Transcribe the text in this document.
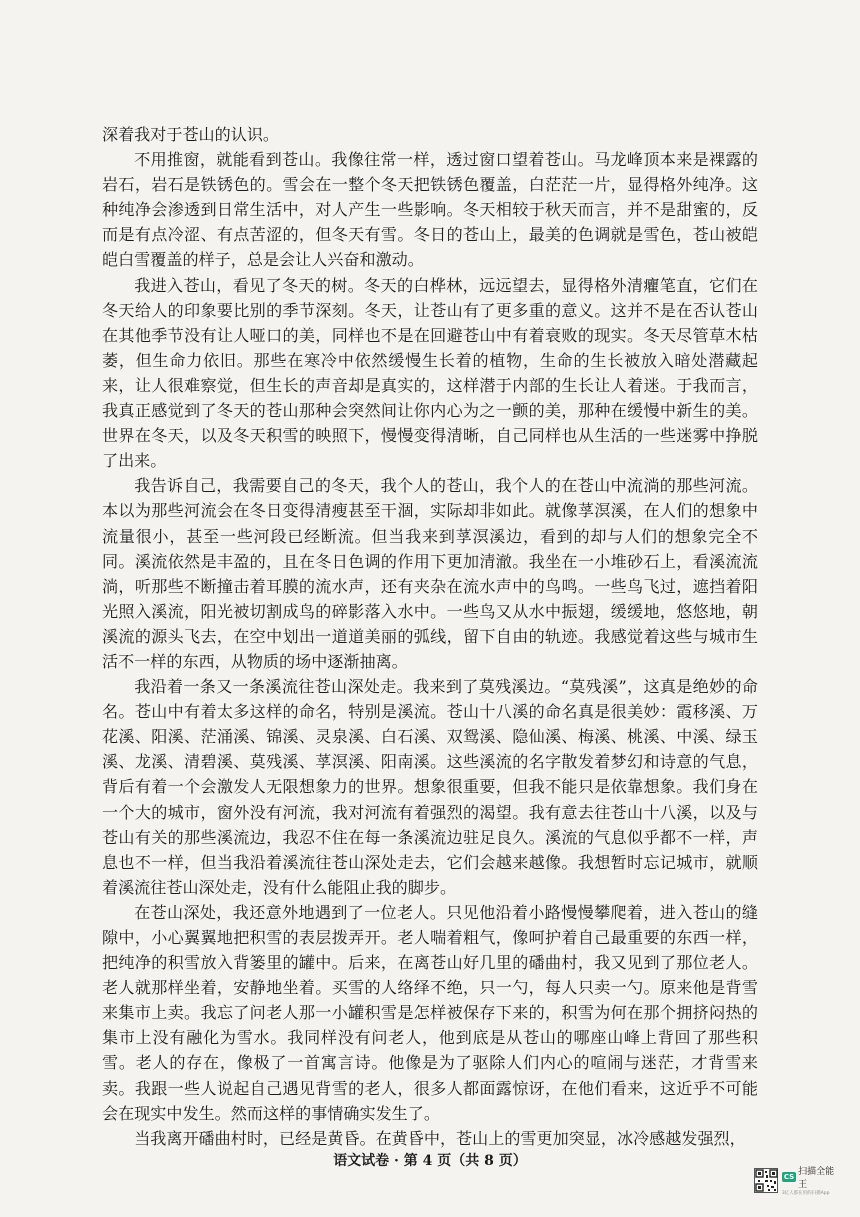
深着我对于苍山的认识。

不用推窗，就能看到苍山。我像往常一样，透过窗口望着苍山。马龙峰顶本来是裸露的岩石，岩石是铁锈色的。雪会在一整个冬天把铁锈色覆盖，白茫茫一片，显得格外纯净。这种纯净会渗透到日常生活中，对人产生一些影响。冬天相较于秋天而言，并不是甜蜜的，反而是有点冷涩、有点苦涩的，但冬天有雪。冬日的苍山上，最美的色调就是雪色，苍山被皑皑白雪覆盖的样子，总是会让人兴奋和激动。

我进入苍山，看见了冬天的树。冬天的白桦林，远远望去，显得格外清癯笔直，它们在冬天给人的印象要比别的季节深刻。冬天，让苍山有了更多重的意义。这并不是在否认苍山在其他季节没有让人哑口的美，同样也不是在回避苍山中有着衰败的现实。冬天尽管草木枯萎，但生命力依旧。那些在寒冷中依然缓慢生长着的植物，生命的生长被放入暗处潜藏起来，让人很难察觉，但生长的声音却是真实的，这样潜于内部的生长让人着迷。于我而言，我真正感觉到了冬天的苍山那种会突然间让你内心为之一颤的美，那种在缓慢中新生的美。世界在冬天，以及冬天积雪的映照下，慢慢变得清晰，自己同样也从生活的一些迷雾中挣脱了出来。

我告诉自己，我需要自己的冬天，我个人的苍山，我个人的在苍山中流淌的那些河流。本以为那些河流会在冬日变得清瘦甚至干涸，实际却非如此。就像莩溟溪，在人们的想象中流量很小，甚至一些河段已经断流。但当我来到莩溟溪边，看到的却与人们的想象完全不同。溪流依然是丰盈的，且在冬日色调的作用下更加清澈。我坐在一小堆砂石上，看溪流流淌，听那些不断撞击着耳膜的流水声，还有夹杂在流水声中的鸟鸣。一些鸟飞过，遮挡着阳光照入溪流，阳光被切割成鸟的碎影落入水中。一些鸟又从水中振翅，缓缓地，悠悠地，朝溪流的源头飞去，在空中划出一道道美丽的弧线，留下自由的轨迹。我感觉着这些与城市生活不一样的东西，从物质的场中逐渐抽离。

我沿着一条又一条溪流往苍山深处走。我来到了莫残溪边。“莫残溪”，这真是绝妙的命名。苍山中有着太多这样的命名，特别是溪流。苍山十八溪的命名真是很美妙：霞移溪、万花溪、阳溪、茫涌溪、锦溪、灵泉溪、白石溪、双鸳溪、隐仙溪、梅溪、桃溪、中溪、绿玉溪、龙溪、清碧溪、莫残溪、莩溟溪、阳南溪。这些溪流的名字散发着梦幻和诗意的气息，背后有着一个会激发人无限想象力的世界。想象很重要，但我不能只是依靠想象。我们身在一个大的城市，窗外没有河流，我对河流有着强烈的渴望。我有意去往苍山十八溪，以及与苍山有关的那些溪流边，我忍不住在每一条溪流边驻足良久。溪流的气息似乎都不一样，声息也不一样，但当我沿着溪流往苍山深处走去，它们会越来越像。我想暂时忘记城市，就顺着溪流往苍山深处走，没有什么能阻止我的脚步。

在苍山深处，我还意外地遇到了一位老人。只见他沿着小路慢慢攀爬着，进入苍山的缝隙中，小心翼翼地把积雪的表层拨弄开。老人喘着粗气，像呵护着自己最重要的东西一样，把纯净的积雪放入背篓里的罐中。后来，在离苍山好几里的磻曲村，我又见到了那位老人。老人就那样坐着，安静地坐着。买雪的人络绎不绝，只一勺，每人只卖一勺。原来他是背雪来集市上卖。我忘了问老人那一小罐积雪是怎样被保存下来的，积雪为何在那个拥挤闷热的集市上没有融化为雪水。我同样没有问老人，他到底是从苍山的哪座山峰上背回了那些积雪。老人的存在，像极了一首寓言诗。他像是为了驱除人们内心的喧闹与迷茫，才背雪来卖。我跟一些人说起自己遇见背雪的老人，很多人都面露惊讶，在他们看来，这近乎不可能会在现实中发生。然而这样的事情确实发生了。

当我离开磻曲村时，已经是黄昏。在黄昏中，苍山上的雪更加突显，冰冷感越发强烈，

语文试卷 · 第 4 页（共 8 页）
CS 扫描全能王
3亿人都在用的扫描App
